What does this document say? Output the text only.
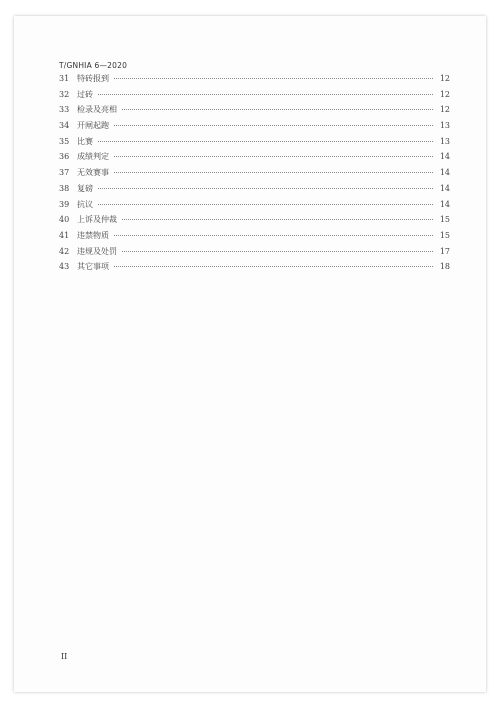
T/GNHIA 6—2020
31 特砖报到	12
32 过砖	12
33 检录及亮相	12
34 开闸起跑	13
35 比赛	13
36 成绩判定	14
37 无效赛事	14
38 复磅	14
39 抗议	14
40 上诉及仲裁	15
41 违禁物质	15
42 违规及处罚	17
43 其它事项	18
II
